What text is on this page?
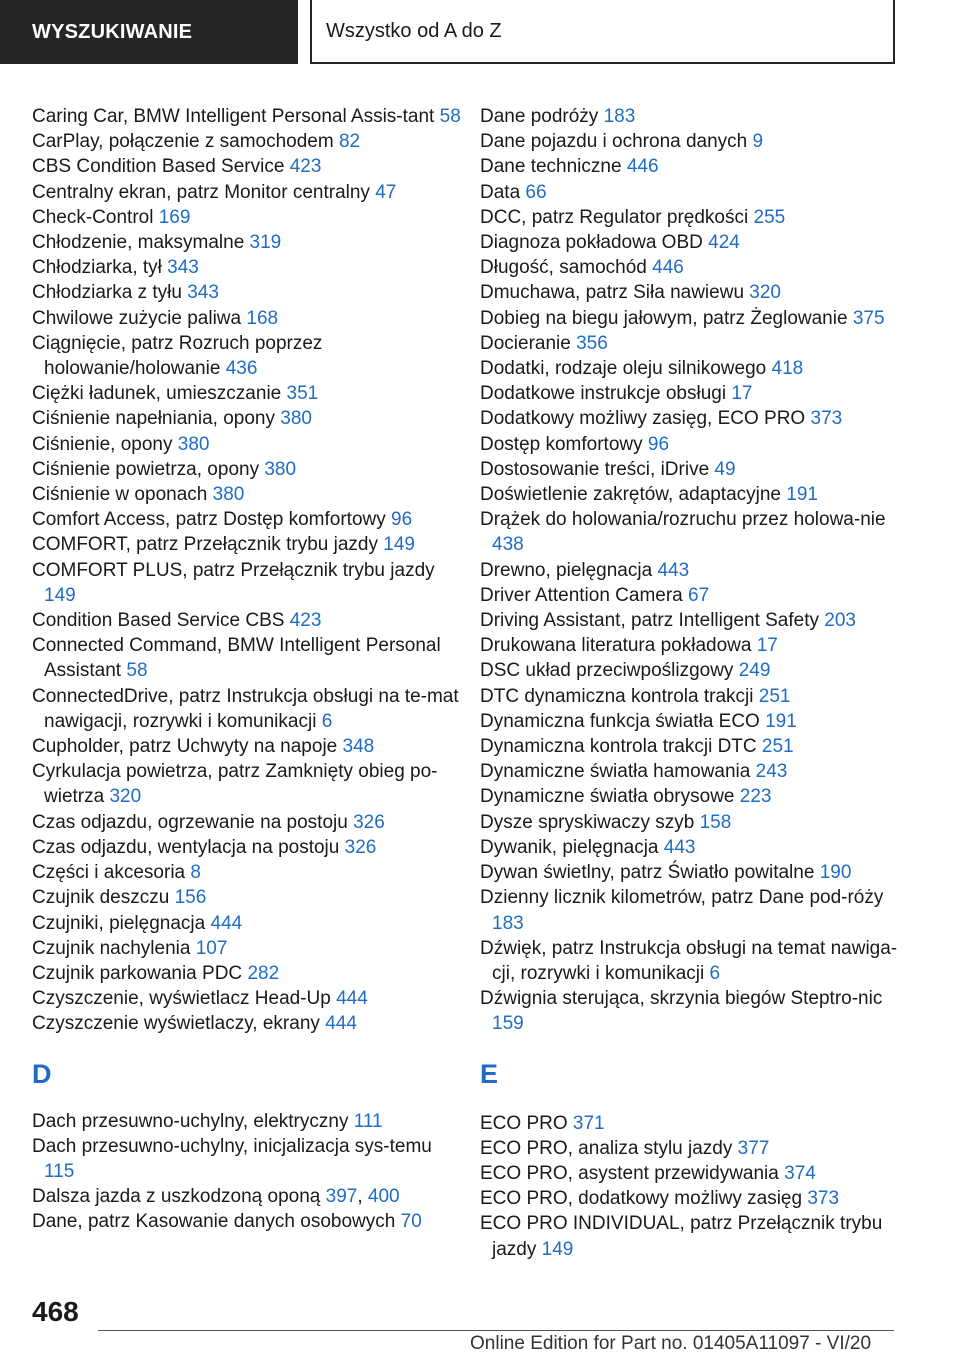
WYSZUKIWANIE	Wszystko od A do Z

Caring Car, BMW Intelligent Personal Assis-tant 58

CarPlay, połączenie z samochodem 82

CBS Condition Based Service 423

Centralny ekran, patrz Monitor centralny 47

Check-Control 169

Chłodzenie, maksymalne 319

Chłodziarka, tył 343

Chłodziarka z tyłu 343

Chwilowe zużycie paliwa 168

Ciągnięcie, patrz Rozruch poprzez holowanie/holowanie 436

Ciężki ładunek, umieszczanie 351

Ciśnienie napełniania, opony 380

Ciśnienie, opony 380

Ciśnienie powietrza, opony 380

Ciśnienie w oponach 380

Comfort Access, patrz Dostęp komfortowy 96

COMFORT, patrz Przełącznik trybu jazdy 149

COMFORT PLUS, patrz Przełącznik trybu jazdy 149

Condition Based Service CBS 423

Connected Command, BMW Intelligent Personal Assistant 58

ConnectedDrive, patrz Instrukcja obsługi na te-mat nawigacji, rozrywki i komunikacji 6

Cupholder, patrz Uchwyty na napoje 348

Cyrkulacja powietrza, patrz Zamknięty obieg po-wietrza 320

Czas odjazdu, ogrzewanie na postoju 326

Czas odjazdu, wentylacja na postoju 326

Części i akcesoria 8

Czujnik deszczu 156

Czujniki, pielęgnacja 444

Czujnik nachylenia 107

Czujnik parkowania PDC 282

Czyszczenie, wyświetlacz Head-Up 444

Czyszczenie wyświetlaczy, ekrany 444

D

Dach przesuwno-uchylny, elektryczny 111

Dach przesuwno-uchylny, inicjalizacja sys-temu 115

Dalsza jazda z uszkodzoną oponą 397, 400

Dane, patrz Kasowanie danych osobowych 70

Dane podróży 183

Dane pojazdu i ochrona danych 9

Dane techniczne 446

Data 66

DCC, patrz Regulator prędkości 255

Diagnoza pokładowa OBD 424

Długość, samochód 446

Dmuchawa, patrz Siła nawiewu 320

Dobieg na biegu jałowym, patrz Żeglowanie 375

Docieranie 356

Dodatki, rodzaje oleju silnikowego 418

Dodatkowe instrukcje obsługi 17

Dodatkowy możliwy zasięg, ECO PRO 373

Dostęp komfortowy 96

Dostosowanie treści, iDrive 49

Doświetlenie zakrętów, adaptacyjne 191

Drążek do holowania/rozruchu przez holowa-nie 438

Drewno, pielęgnacja 443

Driver Attention Camera 67

Driving Assistant, patrz Intelligent Safety 203

Drukowana literatura pokładowa 17

DSC układ przeciwpoślizgowy 249

DTC dynamiczna kontrola trakcji 251

Dynamiczna funkcja światła ECO 191

Dynamiczna kontrola trakcji DTC 251

Dynamiczne światła hamowania 243

Dynamiczne światła obrysowe 223

Dysze spryskiwaczy szyb 158

Dywanik, pielęgnacja 443

Dywan świetlny, patrz Światło powitalne 190

Dzienny licznik kilometrów, patrz Dane pod-róży 183

Dźwięk, patrz Instrukcja obsługi na temat nawiga-cji, rozrywki i komunikacji 6

Dźwignia sterująca, skrzynia biegów Steptro-nic 159

E

ECO PRO 371

ECO PRO, analiza stylu jazdy 377

ECO PRO, asystent przewidywania 374

ECO PRO, dodatkowy możliwy zasięg 373

ECO PRO INDIVIDUAL, patrz Przełącznik trybu jazdy 149

468
Online Edition for Part no. 01405A11097 - VI/20
